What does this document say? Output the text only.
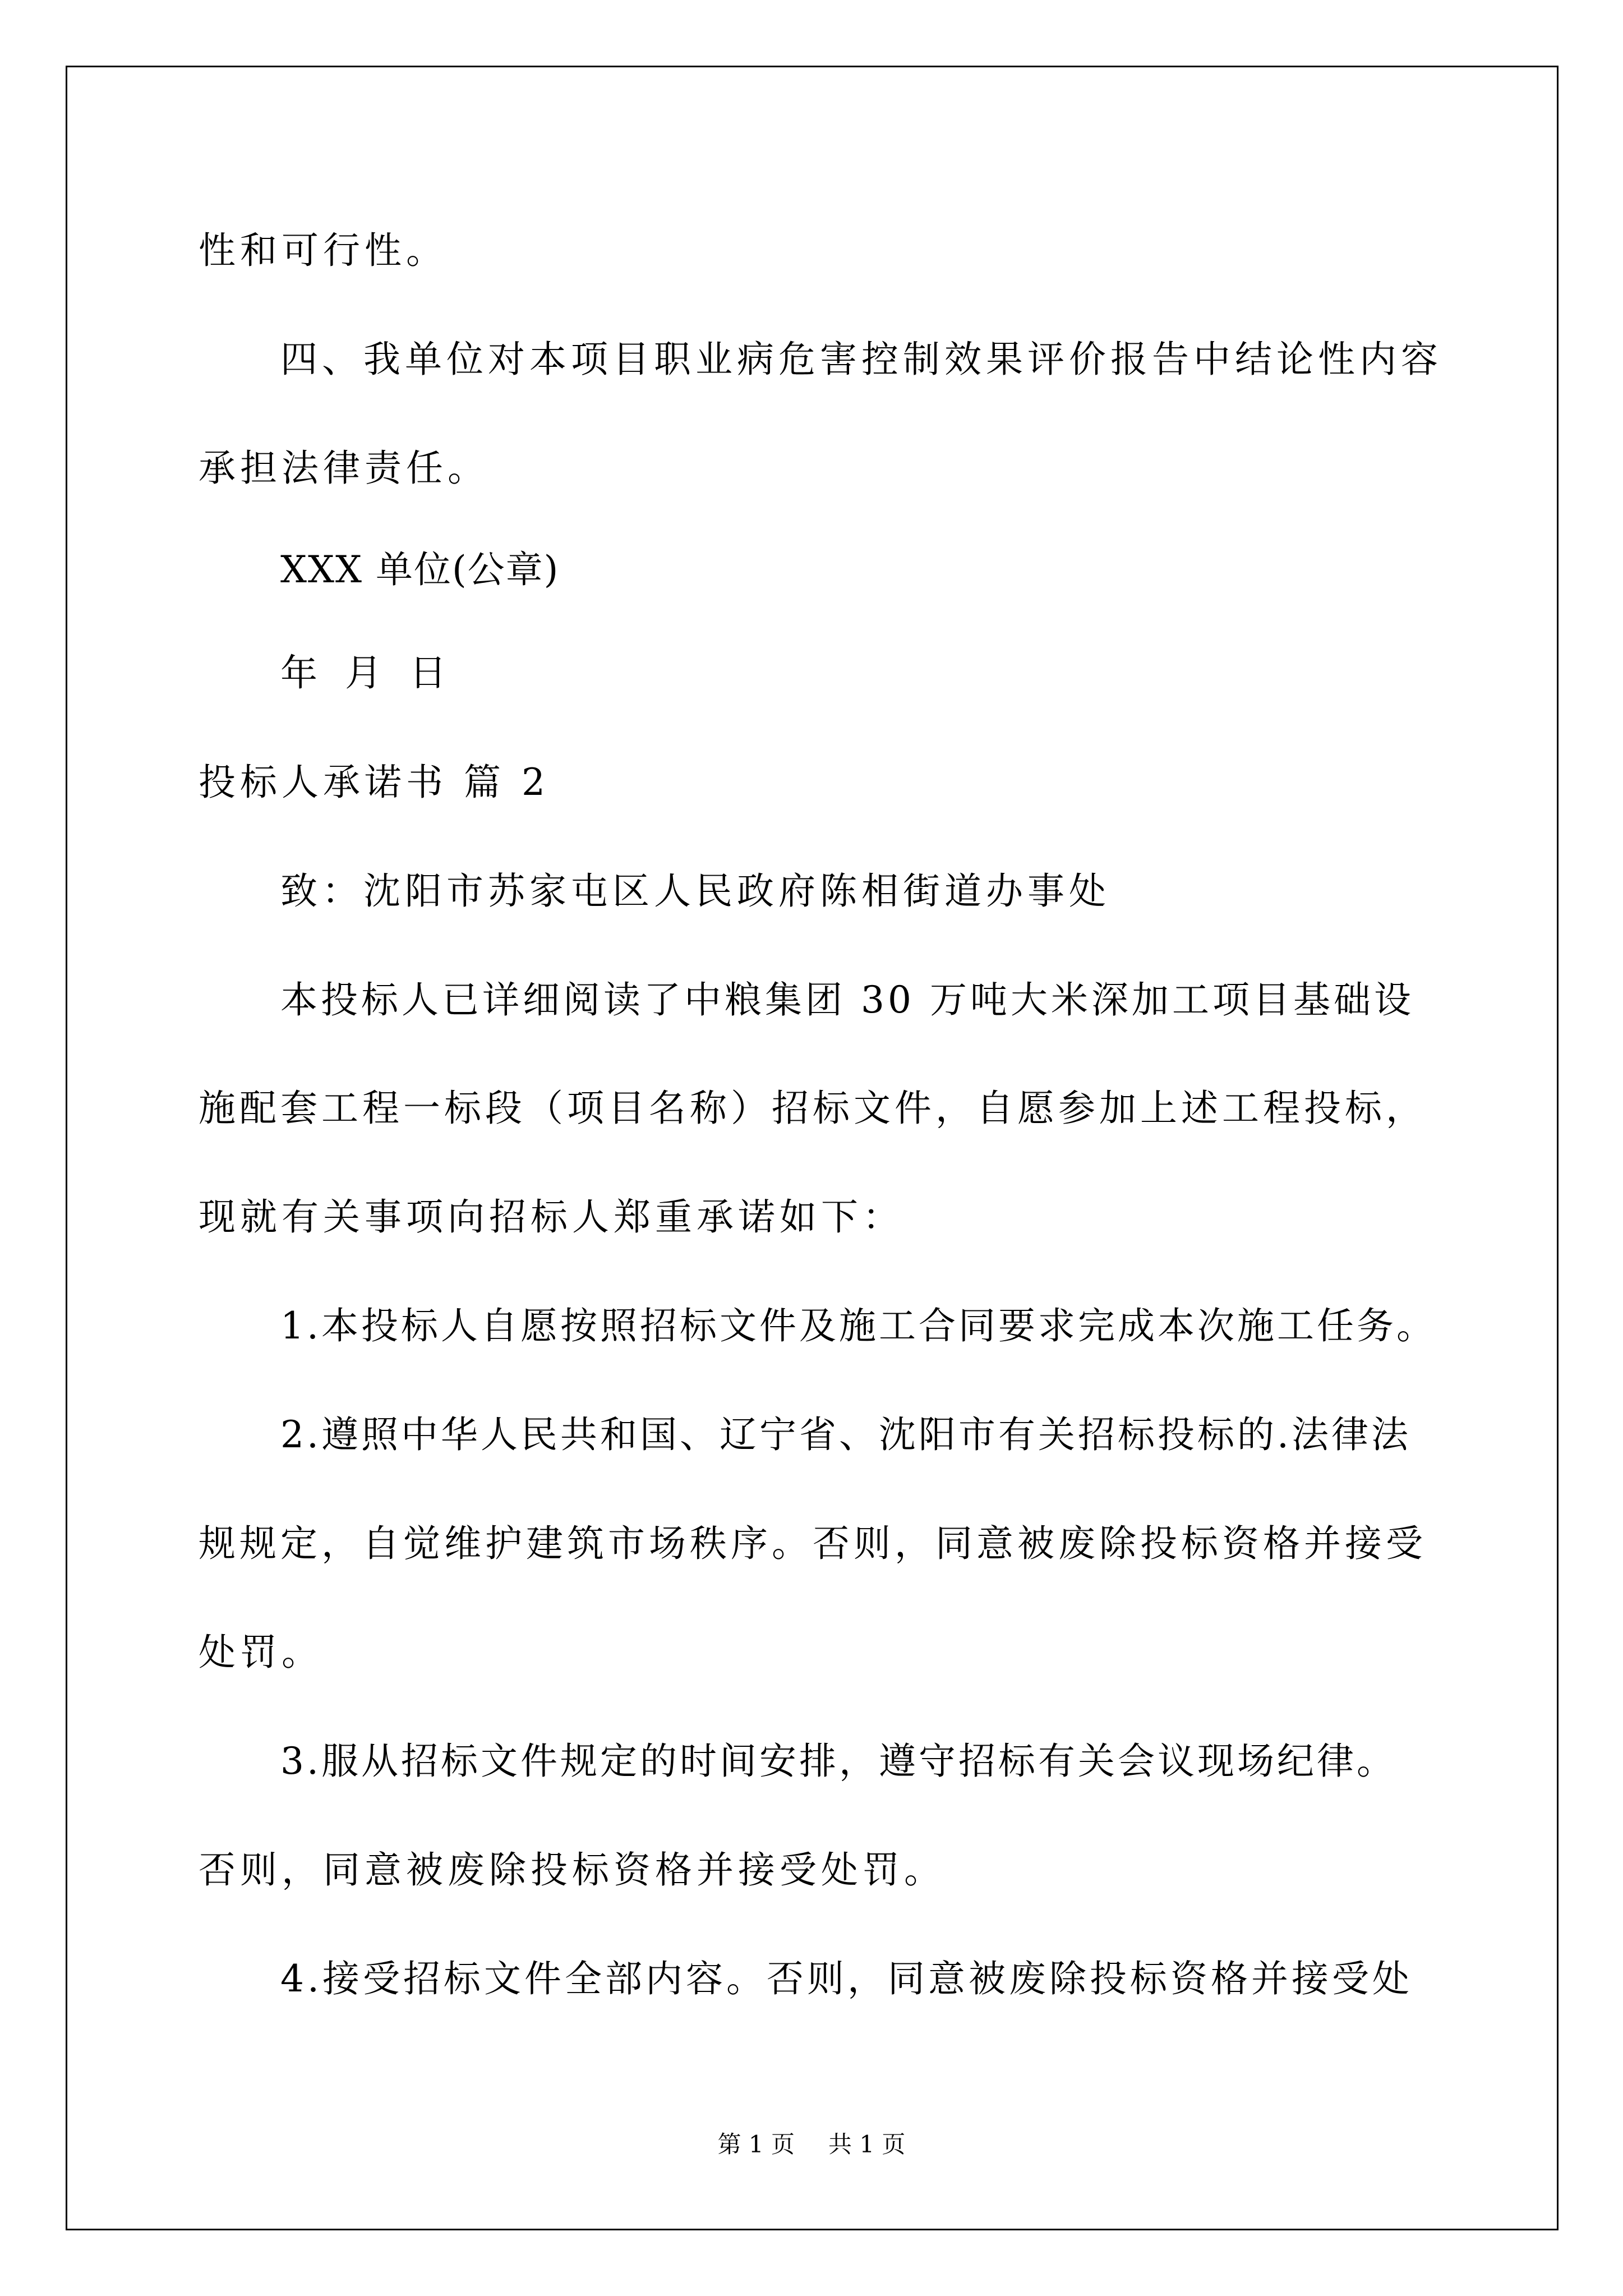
性和可行性。
四、我单位对本项目职业病危害控制效果评价报告中结论性内容
承担法律责任。
XXX 单位(公章)
年 月 日
投标人承诺书 篇 2
致：沈阳市苏家屯区人民政府陈相街道办事处
本投标人已详细阅读了中粮集团 30 万吨大米深加工项目基础设
施配套工程一标段（项目名称）招标文件，自愿参加上述工程投标，
现就有关事项向招标人郑重承诺如下：
1.本投标人自愿按照招标文件及施工合同要求完成本次施工任务。
2.遵照中华人民共和国、辽宁省、沈阳市有关招标投标的.法律法
规规定，自觉维护建筑市场秩序。否则，同意被废除投标资格并接受
处罚。
3.服从招标文件规定的时间安排，遵守招标有关会议现场纪律。
否则，同意被废除投标资格并接受处罚。
4.接受招标文件全部内容。否则，同意被废除投标资格并接受处
第 1 页 共 1 页
